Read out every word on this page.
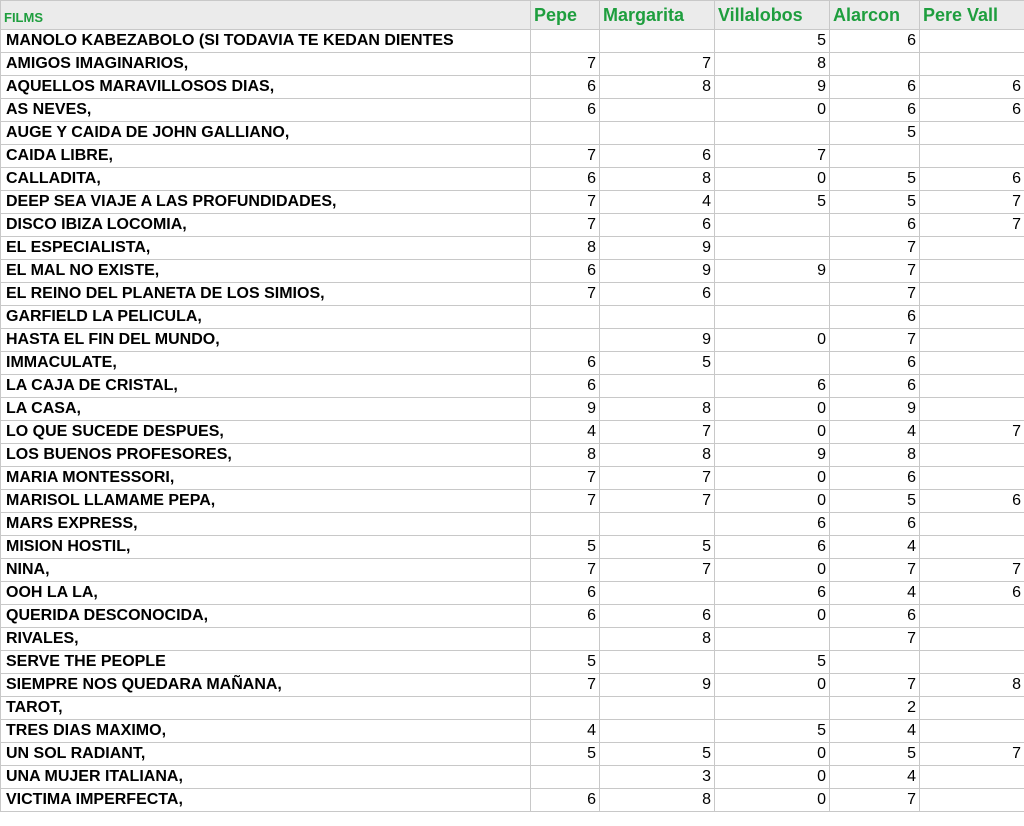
FILMS	Pepe	Margarita	Villalobos	Alarcon	Pere Vall
MANOLO KABEZABOLO (SI TODAVIA TE KEDAN DIENTES			5	6	
AMIGOS IMAGINARIOS,	7	7	8		
AQUELLOS MARAVILLOSOS DIAS,	6	8	9	6	6
AS NEVES,	6		0	6	6
AUGE Y CAIDA DE JOHN GALLIANO,				5	
CAIDA LIBRE,	7	6	7		
CALLADITA,	6	8	0	5	6
DEEP SEA VIAJE A LAS PROFUNDIDADES,	7	4	5	5	7
DISCO IBIZA LOCOMIA,	7	6		6	7
EL ESPECIALISTA,	8	9		7	
EL MAL NO EXISTE,	6	9	9	7	
EL REINO DEL PLANETA DE LOS SIMIOS,	7	6		7	
GARFIELD LA PELICULA,				6	
HASTA EL FIN DEL MUNDO,		9	0	7	
IMMACULATE,	6	5		6	
LA CAJA DE CRISTAL,	6		6	6	
LA CASA,	9	8	0	9	
LO QUE SUCEDE DESPUES,	4	7	0	4	7
LOS BUENOS PROFESORES,	8	8	9	8	
MARIA MONTESSORI,	7	7	0	6	
MARISOL LLAMAME PEPA,	7	7	0	5	6
MARS EXPRESS,			6	6	
MISION HOSTIL,	5	5	6	4	
NINA,	7	7	0	7	7
OOH LA LA,	6		6	4	6
QUERIDA DESCONOCIDA,	6	6	0	6	
RIVALES,		8		7	
SERVE THE PEOPLE	5		5		
SIEMPRE NOS QUEDARA MAÑANA,	7	9	0	7	8
TAROT,				2	
TRES DIAS MAXIMO,	4		5	4	
UN SOL RADIANT,	5	5	0	5	7
UNA MUJER ITALIANA,		3	0	4	
VICTIMA IMPERFECTA,	6	8	0	7	
